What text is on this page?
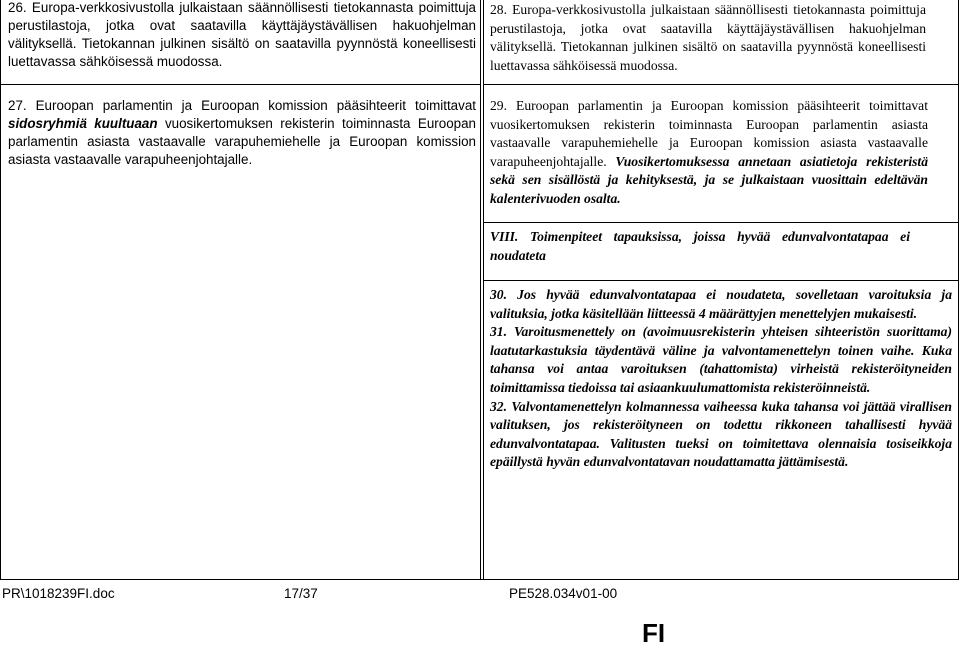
26. Europa-verkkosivustolla julkaistaan säännöllisesti tietokannasta poimittuja perustilastoja, jotka ovat saatavilla käyttäjäystävällisen hakuohjelman välityksellä. Tietokannan julkinen sisältö on saatavilla pyynnöstä koneellisesti luettavassa sähköisessä muodossa.

27. Euroopan parlamentin ja Euroopan komission pääsihteerit toimittavat sidosryhmiä kuultuaan vuosikertomuksen rekisterin toiminnasta Euroopan parlamentin asiasta vastaavalle varapuhemiehelle ja Euroopan komission asiasta vastaavalle varapuheenjohtajalle.

28. Europa-verkkosivustolla julkaistaan säännöllisesti tietokannasta poimittuja perustilastoja, jotka ovat saatavilla käyttäjäystävällisen hakuohjelman välityksellä. Tietokannan julkinen sisältö on saatavilla pyynnöstä koneellisesti luettavassa sähköisessä muodossa.

29. Euroopan parlamentin ja Euroopan komission pääsihteerit toimittavat vuosikertomuksen rekisterin toiminnasta Euroopan parlamentin asiasta vastaavalle varapuhemiehelle ja Euroopan komission asiasta vastaavalle varapuheenjohtajalle. Vuosikertomuksessa annetaan asiatietoja rekisteristä sekä sen sisällöstä ja kehityksestä, ja se julkaistaan vuosittain edeltävän kalenterivuoden osalta.

VIII. Toimenpiteet tapauksissa, joissa hyvää edunvalvontatapaa ei noudateta

30. Jos hyvää edunvalvontatapaa ei noudateta, sovelletaan varoituksia ja valituksia, jotka käsitellään liitteessä 4 määrättyjen menettelyjen mukaisesti.

31. Varoitusmenettely on (avoimuusrekisterin yhteisen sihteeristön suorittama) laatutarkastuksia täydentävä väline ja valvontamenettelyn toinen vaihe. Kuka tahansa voi antaa varoituksen (tahattomista) virheistä rekisteröityneiden toimittamissa tiedoissa tai asiaankuulumattomista rekisteröinneistä.

32. Valvontamenettelyn kolmannessa vaiheessa kuka tahansa voi jättää virallisen valituksen, jos rekisteröityneen on todettu rikkoneen tahallisesti hyvää edunvalvontatapaa. Valitusten tueksi on toimitettava olennaisia tosiseikkoja epäillystä hyvän edunvalvontatavan noudattamatta jättämisestä.

PR\1018239FI.doc	17/37	PE528.034v01-00
FI
